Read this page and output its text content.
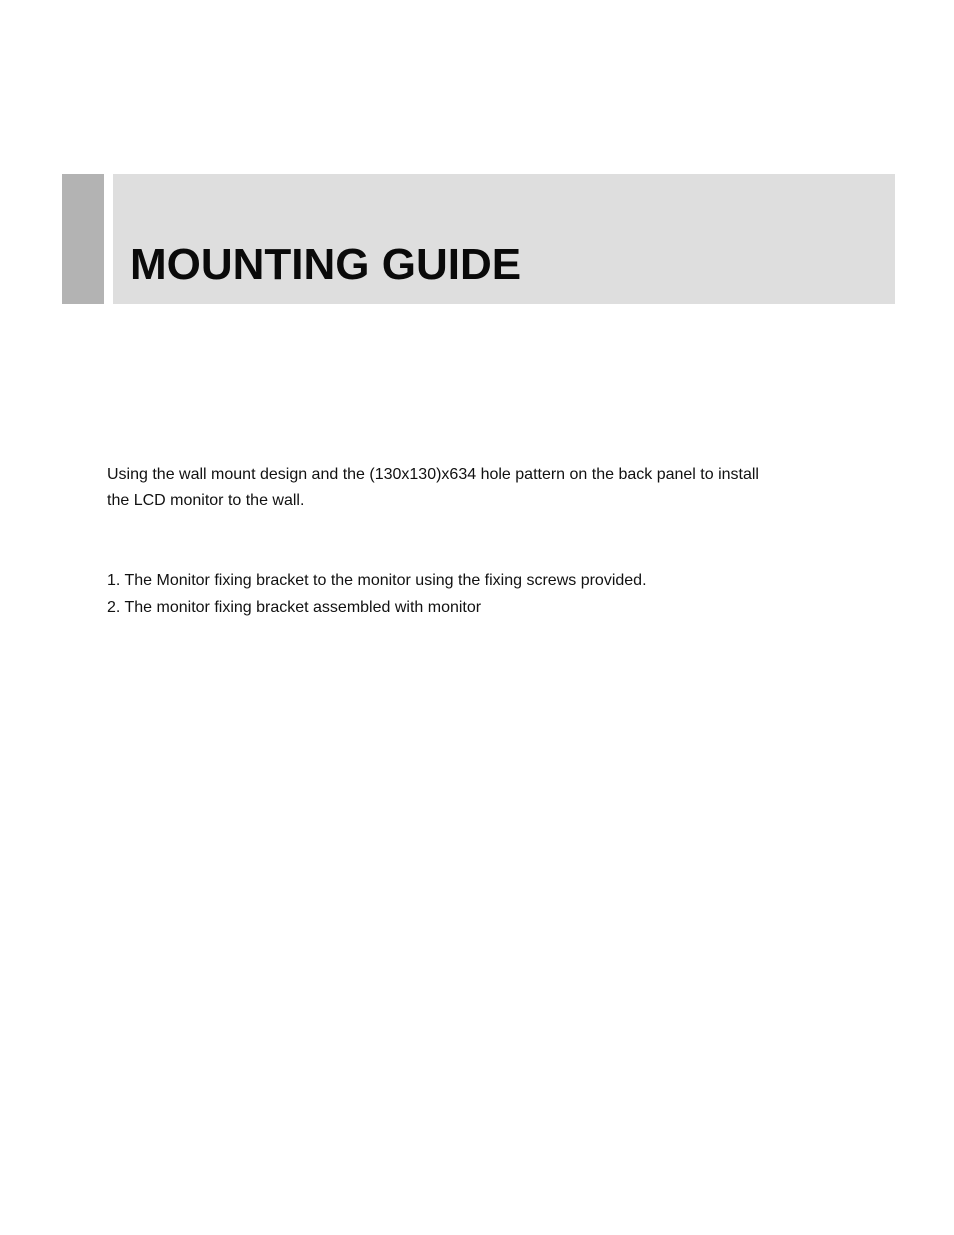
MOUNTING GUIDE
Using the wall mount design and the (130x130)x634 hole pattern on the back panel to install
the LCD monitor to the wall.
1. The Monitor fixing bracket to the monitor using the fixing screws provided.
2. The monitor fixing bracket assembled with monitor
